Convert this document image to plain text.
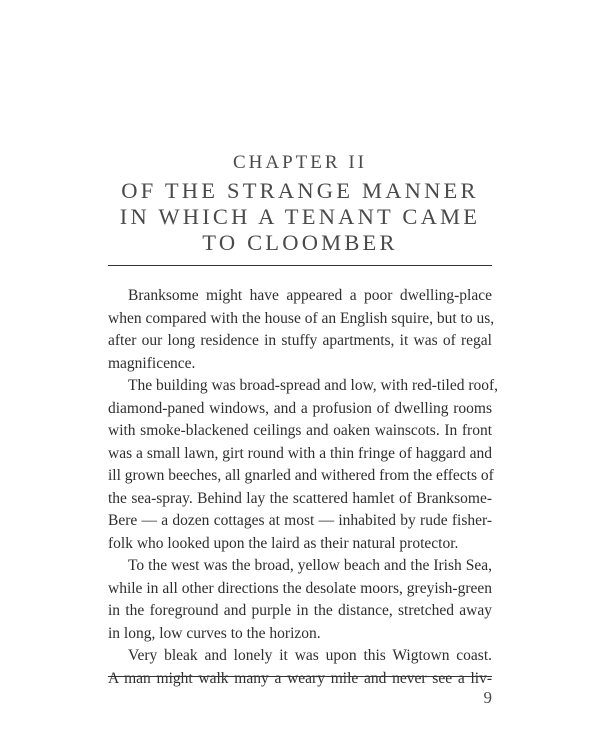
CHAPTER II
OF THE STRANGE MANNER
IN WHICH A TENANT CAME
TO CLOOMBER
Branksome might have appeared a poor dwelling-place
when compared with the house of an English squire, but to us,
after our long residence in stuffy apartments, it was of regal
magnificence.
The building was broad-spread and low, with red-tiled roof,
diamond-paned windows, and a profusion of dwelling rooms
with smoke-blackened ceilings and oaken wainscots. In front
was a small lawn, girt round with a thin fringe of haggard and
ill grown beeches, all gnarled and withered from the effects of
the sea-spray. Behind lay the scattered hamlet of Branksome-
Bere — a dozen cottages at most — inhabited by rude fisher-
folk who looked upon the laird as their natural protector.
To the west was the broad, yellow beach and the Irish Sea,
while in all other directions the desolate moors, greyish-green
in the foreground and purple in the distance, stretched away
in long, low curves to the horizon.
Very bleak and lonely it was upon this Wigtown coast.
A man might walk many a weary mile and never see a liv-
9
